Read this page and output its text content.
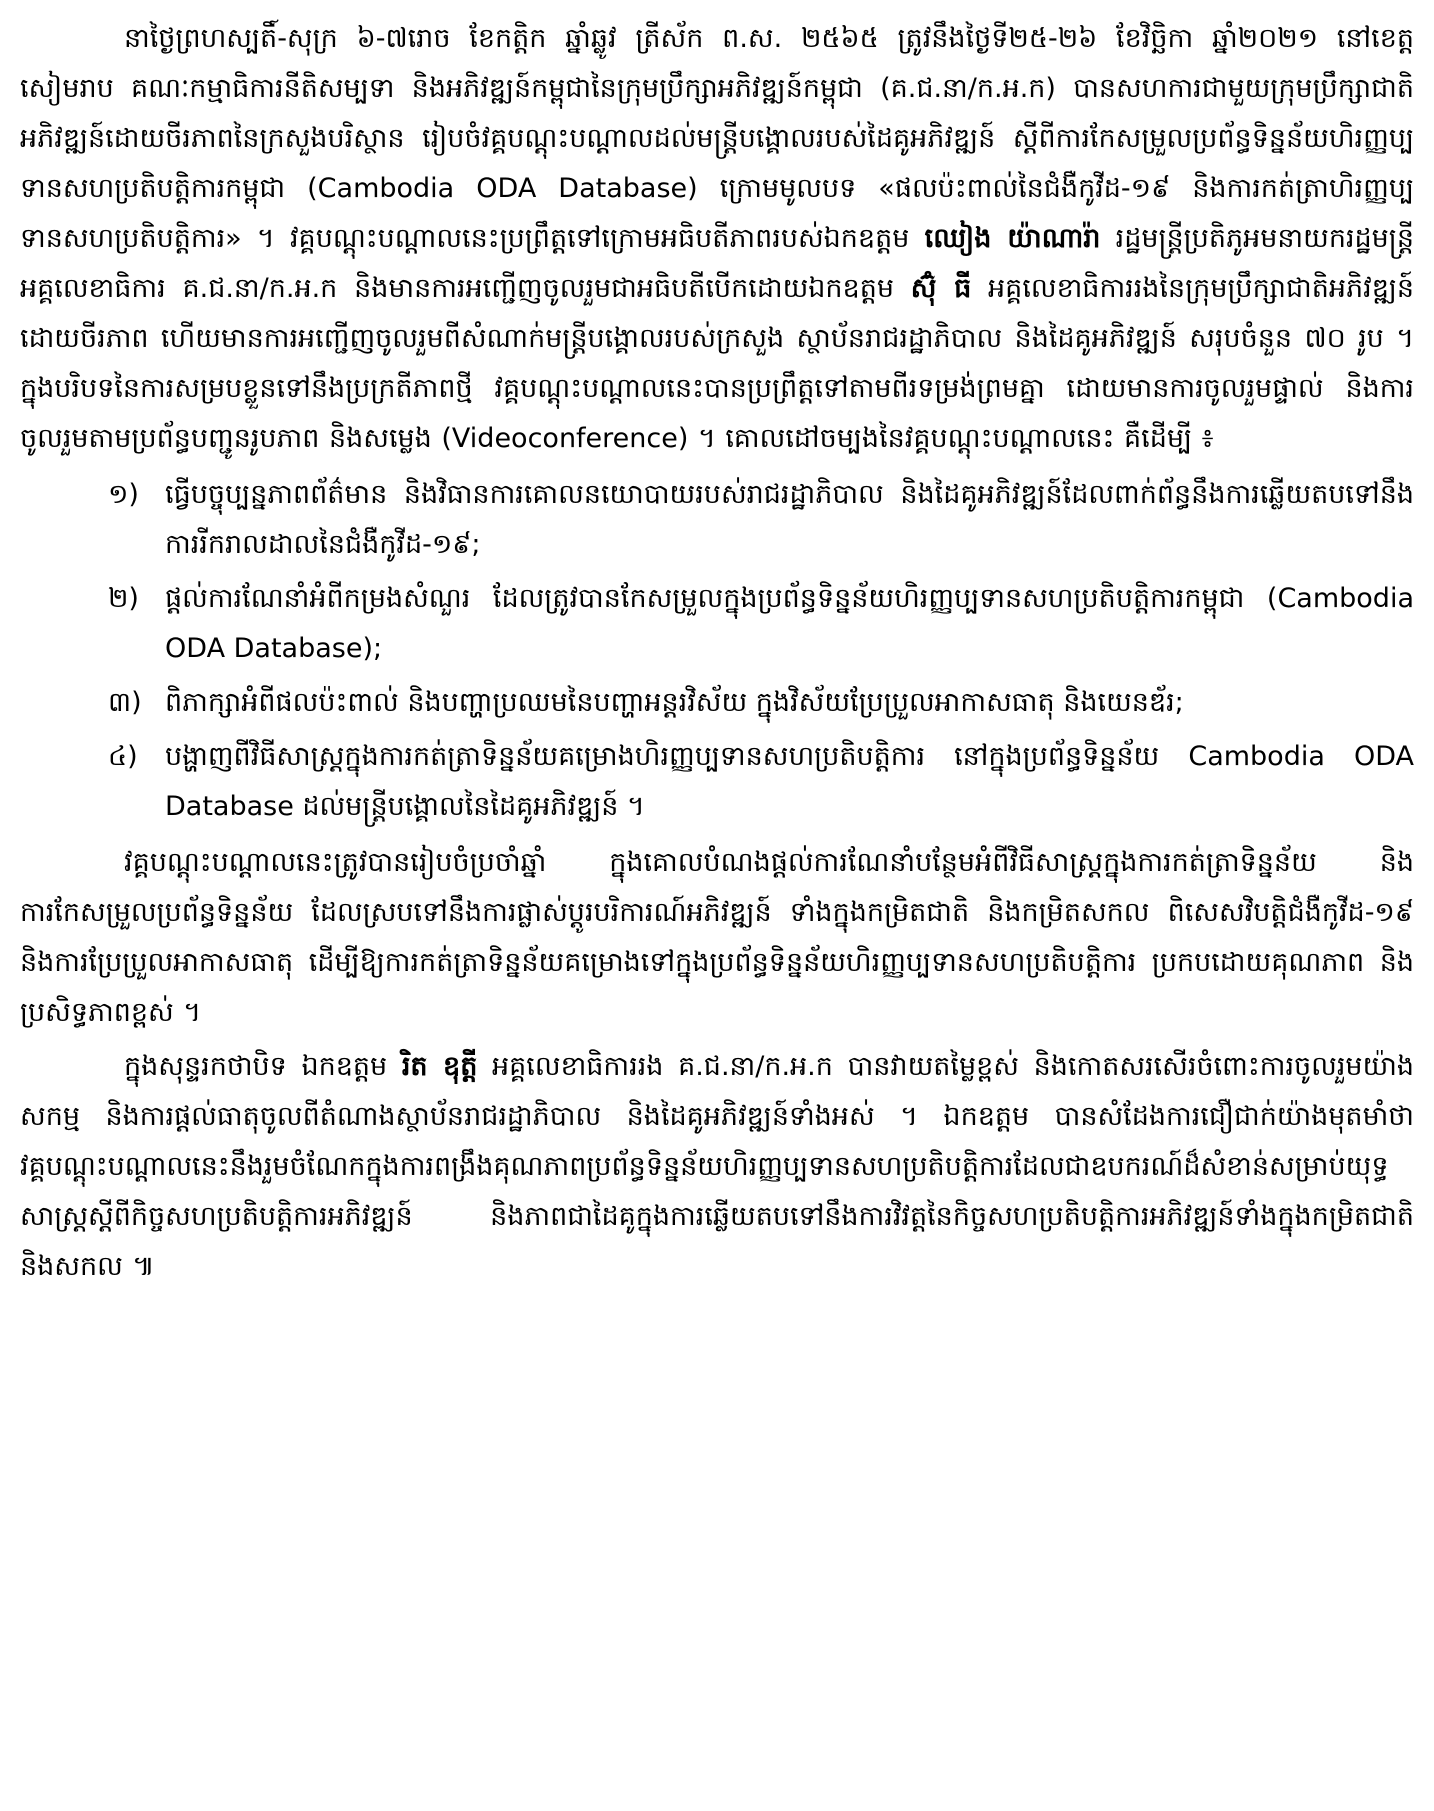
នាថ្ងៃព្រហស្បតិ៍-សុក្រ ៦-៧រោច ខែកត្តិក ឆ្នាំឆ្លូវ ត្រីស័ក ព.ស. ២៥៦៥ ត្រូវនឹងថ្ងៃទី២៥-២៦ ខែវិច្ឆិកា ឆ្នាំ២០២១ នៅខេត្តសៀមរាប គណៈកម្មាធិការនីតិសម្បទា និងអភិវឌ្ឍន៍កម្ពុជានៃក្រុមប្រឹក្សាអភិវឌ្ឍន៍កម្ពុជា (គ.ជ.នា/ក.អ.ក) បានសហការជាមួយក្រុមប្រឹក្សាជាតិអភិវឌ្ឍន៍ដោយចីរភាពនៃក្រសួងបរិស្ថាន រៀបចំវគ្គបណ្តុះបណ្តាលដល់មន្ត្រីបង្គោលរបស់ដៃគូអភិវឌ្ឍន៍ ស្តីពីការកែសម្រួលប្រព័ន្ធទិន្នន័យហិរញ្ញប្បទានសហប្រតិបត្តិការកម្ពុជា (Cambodia ODA Database) ក្រោមមូលបទ «ផលប៉ះពាល់នៃជំងឺកូវីដ-១៩ និងការកត់ត្រាហិរញ្ញប្បទានសហប្រតិបត្តិការ» ។ វគ្គបណ្តុះបណ្តាលនេះប្រព្រឹត្តទៅក្រោមអធិបតីភាពរបស់ឯកឧត្តម ឈៀង យ៉ាណារ៉ា រដ្ឋមន្ត្រីប្រតិភូអមនាយករដ្ឋមន្ត្រី អគ្គលេខាធិការ គ.ជ.នា/ក.អ.ក និងមានការអញ្ជើញចូលរួមជាអធិបតីបើកដោយឯកឧត្តម ស៊ុំ ធី អគ្គលេខាធិការរងនៃក្រុមប្រឹក្សាជាតិអភិវឌ្ឍន៍ដោយចីរភាព ហើយមានការអញ្ជើញចូលរួមពីសំណាក់មន្ត្រីបង្គោលរបស់ក្រសួង ស្ថាប័នរាជរដ្ឋាភិបាល និងដៃគូអភិវឌ្ឍន៍ សរុបចំនួន ៧០ រូប ។ ក្នុងបរិបទនៃការសម្របខ្លួនទៅនឹងប្រក្រតីភាពថ្មី វគ្គបណ្តុះបណ្តាលនេះបានប្រព្រឹត្តទៅតាមពីរទម្រង់ព្រមគ្នា ដោយមានការចូលរួមផ្ទាល់ និងការចូលរួមតាមប្រព័ន្ធបញ្ជូនរូបភាព និងសម្លេង (Videoconference) ។ គោលដៅចម្បងនៃវគ្គបណ្តុះបណ្តាលនេះ គឺដើម្បី ៖

១) ធ្វើបច្ចុប្បន្នភាពព័ត៌មាន និងវិធានការគោលនយោបាយរបស់រាជរដ្ឋាភិបាល និងដៃគូអភិវឌ្ឍន៍ដែលពាក់ព័ន្ធនឹងការឆ្លើយតបទៅនឹងការរីករាលដាលនៃជំងឺកូវីដ-១៩;
២) ផ្តល់ការណែនាំអំពីកម្រងសំណួរ ដែលត្រូវបានកែសម្រួលក្នុងប្រព័ន្ធទិន្នន័យហិរញ្ញប្បទានសហប្រតិបត្តិការកម្ពុជា (Cambodia ODA Database);
៣) ពិភាក្សាអំពីផលប៉ះពាល់ និងបញ្ហាប្រឈមនៃបញ្ហាអន្តរវិស័យ ក្នុងវិស័យប្រែប្រួលអាកាសធាតុ និងយេនឌ័រ;
៤)	បង្ហាញពីវិធីសាស្ត្រក្នុងការកត់ត្រាទិន្នន័យគម្រោងហិរញ្ញប្បទានសហប្រតិបត្តិការ នៅក្នុងប្រព័ន្ធទិន្នន័យ Cambodia ODA Database ដល់មន្ត្រីបង្គោលនៃដៃគូអភិវឌ្ឍន៍ ។

វគ្គបណ្តុះបណ្តាលនេះត្រូវបានរៀបចំប្រចាំឆ្នាំ ក្នុងគោលបំណងផ្តល់ការណែនាំបន្ថែមអំពីវិធីសាស្ត្រក្នុងការកត់ត្រាទិន្នន័យ និងការកែសម្រួលប្រព័ន្ធទិន្នន័យ ដែលស្របទៅនឹងការផ្លាស់ប្តូរបរិការណ៍អភិវឌ្ឍន៍ ទាំងក្នុងកម្រិតជាតិ និងកម្រិតសកល ពិសេសវិបត្តិជំងឺកូវីដ-១៩ និងការប្រែប្រួលអាកាសធាតុ ដើម្បីឱ្យការកត់ត្រាទិន្នន័យគម្រោងទៅក្នុងប្រព័ន្ធទិន្នន័យហិរញ្ញប្បទានសហប្រតិបត្តិការ ប្រកបដោយគុណភាព និងប្រសិទ្ធភាពខ្ពស់ ។

ក្នុងសុន្ទរកថាបិទ ឯកឧត្តម រិត ឧុត្តី អគ្គលេខាធិការរង គ.ជ.នា/ក.អ.ក បានវាយតម្លៃខ្ពស់ និងកោតសរសើរចំពោះការចូលរួមយ៉ាងសកម្ម និងការផ្តល់ធាតុចូលពីតំណាងស្ថាប័នរាជរដ្ឋាភិបាល និងដៃគូអភិវឌ្ឍន៍ទាំងអស់ ។ ឯកឧត្តម បានសំដែងការជឿជាក់យ៉ាងមុតមាំថា វគ្គបណ្តុះបណ្តាលនេះនឹងរួមចំណែកក្នុងការពង្រឹងគុណភាពប្រព័ន្ធទិន្នន័យហិរញ្ញប្បទានសហប្រតិបត្តិការដែលជាឧបករណ៍ដ៏សំខាន់សម្រាប់យុទ្ធសាស្ត្រស្តីពីកិច្ចសហប្រតិបត្តិការអភិវឌ្ឍន៍ និងភាពជាដៃគូក្នុងការឆ្លើយតបទៅនឹងការវិវត្តនៃកិច្ចសហប្រតិបត្តិការអភិវឌ្ឍន៍ទាំងក្នុងកម្រិតជាតិ និងសកល ៕
